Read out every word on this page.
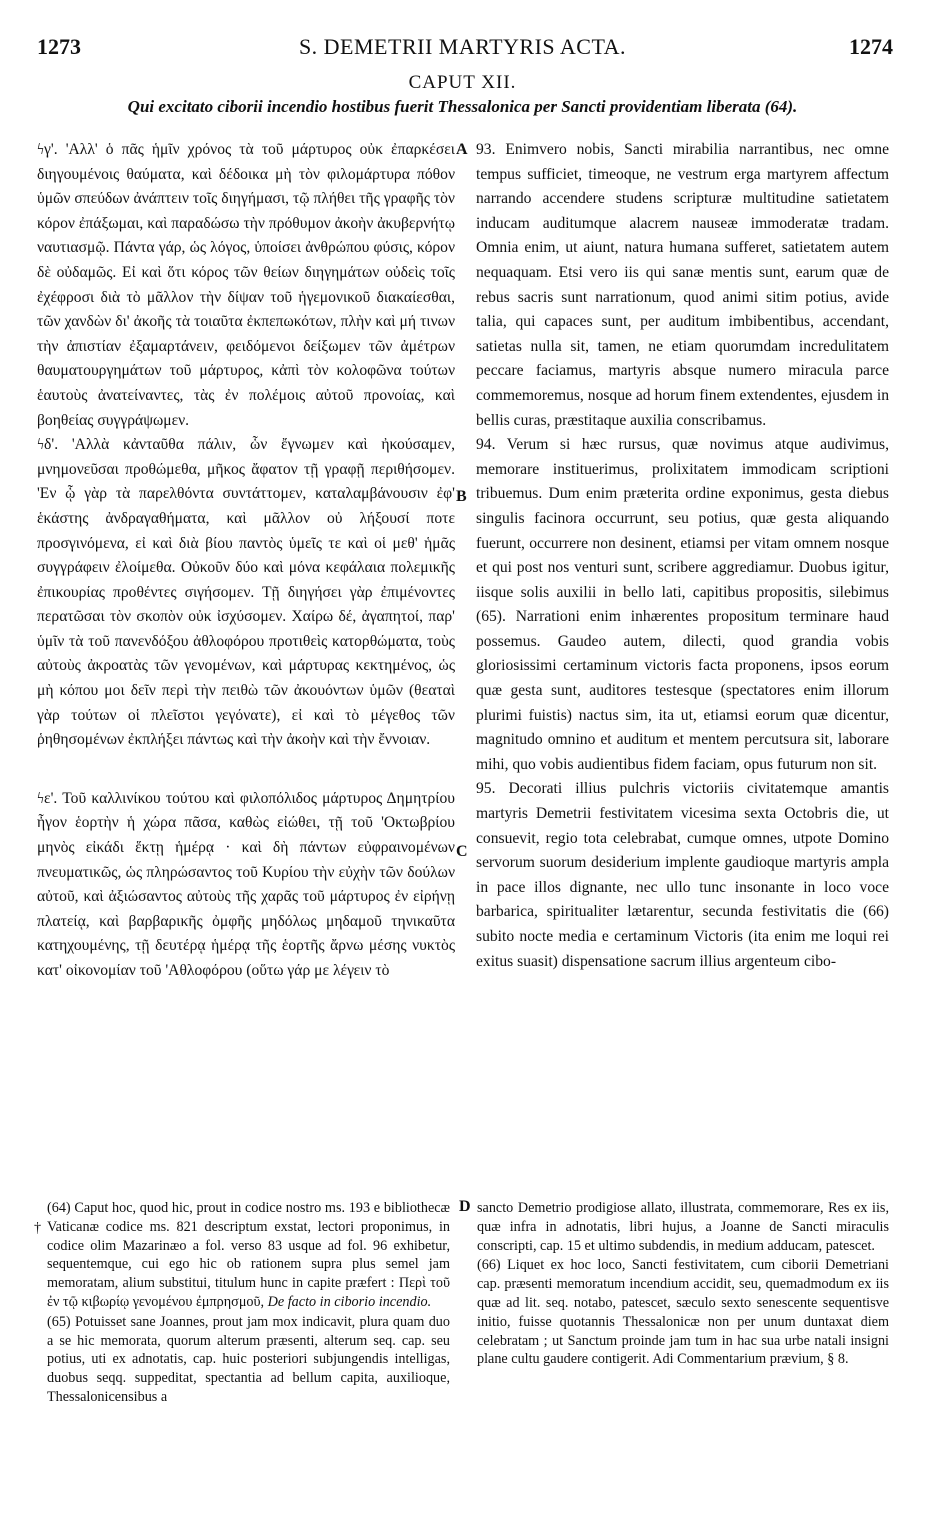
1273	S. DEMETRII MARTYRIS ACTA.	1274
CAPUT XII.
Qui excitato ciborii incendio hostibus fuerit Thessalonica per Sancti providentiam liberata (64).

ϟγ'. 'Αλλ' ὁ πᾶς ἡμῖν χρόνος τὰ τοῦ μάρτυρος οὐκ ἐπαρκέσει διηγουμένοις θαύματα, καὶ δέδοικα μὴ τὸν φιλομάρτυρα πόθον ὑμῶν σπεύδων ἀνάπτειν τοῖς διηγήμασι, τῷ πλήθει τῆς γραφῆς τὸν κόρον ἐπάξωμαι, καὶ παραδώσω τὴν πρόθυμον ἀκοὴν ἀκυβερνήτῳ ναυτιασμῷ. Πάντα γάρ, ὡς λόγος, ὑποίσει ἀνθρώπου φύσις, κόρον δὲ οὐδαμῶς. Εἰ καὶ ὅτι κόρος τῶν θείων διηγημάτων οὐδεὶς τοῖς ἐχέφροσι διὰ τὸ μᾶλλον τὴν δίψαν τοῦ ἡγεμονικοῦ διακαίεσθαι, τῶν χανδὼν δι' ἀκοῆς τὰ τοιαῦτα ἐκπεπωκότων, πλὴν καὶ μή τινων τὴν ἀπιστίαν ἐξαμαρτάνειν, φειδόμενοι δείξωμεν τῶν ἀμέτρων θαυματουργημάτων τοῦ μάρτυρος, κἀπὶ τὸν κολοφῶνα τούτων ἑαυτοὺς ἀνατείναντες, τὰς ἐν πολέμοις αὐτοῦ προνοίας, καὶ βοηθείας συγγράψωμεν.

ϟδ'. 'Αλλὰ κἀνταῦθα πάλιν, ὧν ἔγνωμεν καὶ ἠκούσαμεν, μνημονεῦσαι προθώμεθα, μῆκος ἄφατον τῇ γραφῇ περιθήσομεν. 'Εν ᾧ γὰρ τὰ παρελθόντα συντάττομεν, καταλαμβάνουσιν ἐφ' ἑκάστης ἀνδραγαθήματα, καὶ μᾶλλον οὐ λήξουσί ποτε προσγινόμενα, εἰ καὶ διὰ βίου παντὸς ὑμεῖς τε καὶ οἱ μεθ' ἡμᾶς συγγράφειν ἐλοίμεθα. Οὐκοῦν δύο καὶ μόνα κεφάλαια πολεμικῆς ἐπικουρίας προθέντες σιγήσομεν. Τῇ διηγήσει γὰρ ἐπιμένοντες περατῶσαι τὸν σκοπὸν οὐκ ἰσχύσομεν. Χαίρω δέ, ἀγαπητοί, παρ' ὑμῖν τὰ τοῦ πανενδόξου ἀθλοφόρου προτιθεὶς κατορθώματα, τοὺς αὐτοὺς ἀκροατὰς τῶν γενομένων, καὶ μάρτυρας κεκτημένος, ὡς μὴ κόπου μοι δεῖν περὶ τὴν πειθὼ τῶν ἀκουόντων ὑμῶν (θεαταὶ γὰρ τούτων οἱ πλεῖστοι γεγόνατε), εἰ καὶ τὸ μέγεθος τῶν ῥηθησομένων ἐκπλήξει πάντως καὶ τὴν ἀκοὴν καὶ τὴν ἔννοιαν.

ϟε'. Τοῦ καλλινίκου τούτου καὶ φιλοπόλιδος μάρτυρος Δημητρίου ἦγον ἑορτὴν ἡ χώρα πᾶσα, καθὼς εἰώθει, τῇ τοῦ 'Οκτωβρίου μηνὸς εἰκάδι ἕκτῃ ἡμέρᾳ · καὶ δὴ πάντων εὐφραινομένων πνευματικῶς, ὡς πληρώσαντος τοῦ Κυρίου τὴν εὐχὴν τῶν δούλων αὐτοῦ, καὶ ἀξιώσαντος αὐτοὺς τῆς χαρᾶς τοῦ μάρτυρος ἐν εἰρήνῃ πλατείᾳ, καὶ βαρβαρικῆς ὀμφῆς μηδόλως μηδαμοῦ τηνικαῦτα κατηχουμένης, τῇ δευτέρᾳ ἡμέρᾳ τῆς ἑορτῆς ἄρνω μέσης νυκτὸς κατ' οἰκονομίαν τοῦ 'Αθλοφόρου (οὕτω γάρ με λέγειν τὸ

93. Enimvero nobis, Sancti mirabilia narrantibus, nec omne tempus sufficiet, timeoque, ne vestrum erga martyrem affectum narrando accendere studens scripturæ multitudine satietatem inducam auditumque alacrem nauseæ immoderatæ tradam. Omnia enim, ut aiunt, natura humana sufferet, satietatem autem nequaquam. Etsi vero iis qui sanæ mentis sunt, earum quæ de rebus sacris sunt narrationum, quod animi sitim potius, avide talia, qui capaces sunt, per auditum imbibentibus, accendant, satietas nulla sit, tamen, ne etiam quorumdam incredulitatem peccare faciamus, martyris absque numero miracula parce commemoremus, nosque ad horum finem extendentes, ejusdem in bellis curas, præstitaque auxilia conscribamus.

94. Verum si hæc rursus, quæ novimus atque audivimus, memorare instituerimus, prolixitatem immodicam scriptioni tribuemus. Dum enim præterita ordine exponimus, gesta diebus singulis facinora occurrunt, seu potius, quæ gesta aliquando fuerunt, occurrere non desinent, etiamsi per vitam omnem nosque et qui post nos venturi sunt, scribere aggrediamur. Duobus igitur, iisque solis auxilii in bello lati, capitibus propositis, silebimus (65). Narrationi enim inhærentes propositum terminare haud possemus. Gaudeo autem, dilecti, quod grandia vobis gloriosissimi certaminum victoris facta proponens, ipsos eorum quæ gesta sunt, auditores testesque (spectatores enim illorum plurimi fuistis) nactus sim, ita ut, etiamsi eorum quæ dicentur, magnitudo omnino et auditum et mentem percutsura sit, laborare mihi, quo vobis audientibus fidem faciam, opus futurum non sit.

95. Decorati illius pulchris victoriis civitatemque amantis martyris Demetrii festivitatem vicesima sexta Octobris die, ut consuevit, regio tota celebrabat, cumque omnes, utpote Domino servorum suorum desiderium implente gaudioque martyris ampla in pace illos dignante, nec ullo tunc insonante in loco voce barbarica, spiritualiter lætarentur, secunda festivitatis die (66) subito nocte media e certaminum Victoris (ita enim me loqui rei exitus suasit) dispensatione sacrum illius argenteum cibo-

A
B
C
D
†

(64) Caput hoc, quod hic, prout in codice nostro ms. 193 e bibliothecæ Vaticanæ codice ms. 821 descriptum exstat, lectori proponimus, in codice olim Mazarinæo a fol. verso 83 usque ad fol. 96 exhibetur, sequentemque, cui ego hic ob rationem supra plus semel jam memoratam, alium substitui, titulum hunc in capite præfert : Περὶ τοῦ ἐν τῷ κιβωρίῳ γενομένου ἐμπρησμοῦ, De facto in ciborio incendio.

(65) Potuisset sane Joannes, prout jam mox indicavit, plura quam duo a se hic memorata, quorum alterum præsenti, alterum seq. cap. seu potius, uti ex adnotatis, cap. huic posteriori subjungendis intelligas, duobus seqq. suppeditat, spectantia ad bellum capita, auxilioque, Thessalonicensibus a

sancto Demetrio prodigiose allato, illustrata, commemorare, Res ex iis, quæ infra in adnotatis, libri hujus, a Joanne de Sancti miraculis conscripti, cap. 15 et ultimo subdendis, in medium adducam, patescet.

(66) Liquet ex hoc loco, Sancti festivitatem, cum ciborii Demetriani cap. præsenti memoratum incendium accidit, seu, quemadmodum ex iis quæ ad lit. seq. notabo, patescet, sæculo sexto senescente sequentisve initio, fuisse quotannis Thessalonicæ non per unum duntaxat diem celebratam ; ut Sanctum proinde jam tum in hac sua urbe natali insigni plane cultu gaudere contigerit. Adi Commentarium prævium, § 8.
